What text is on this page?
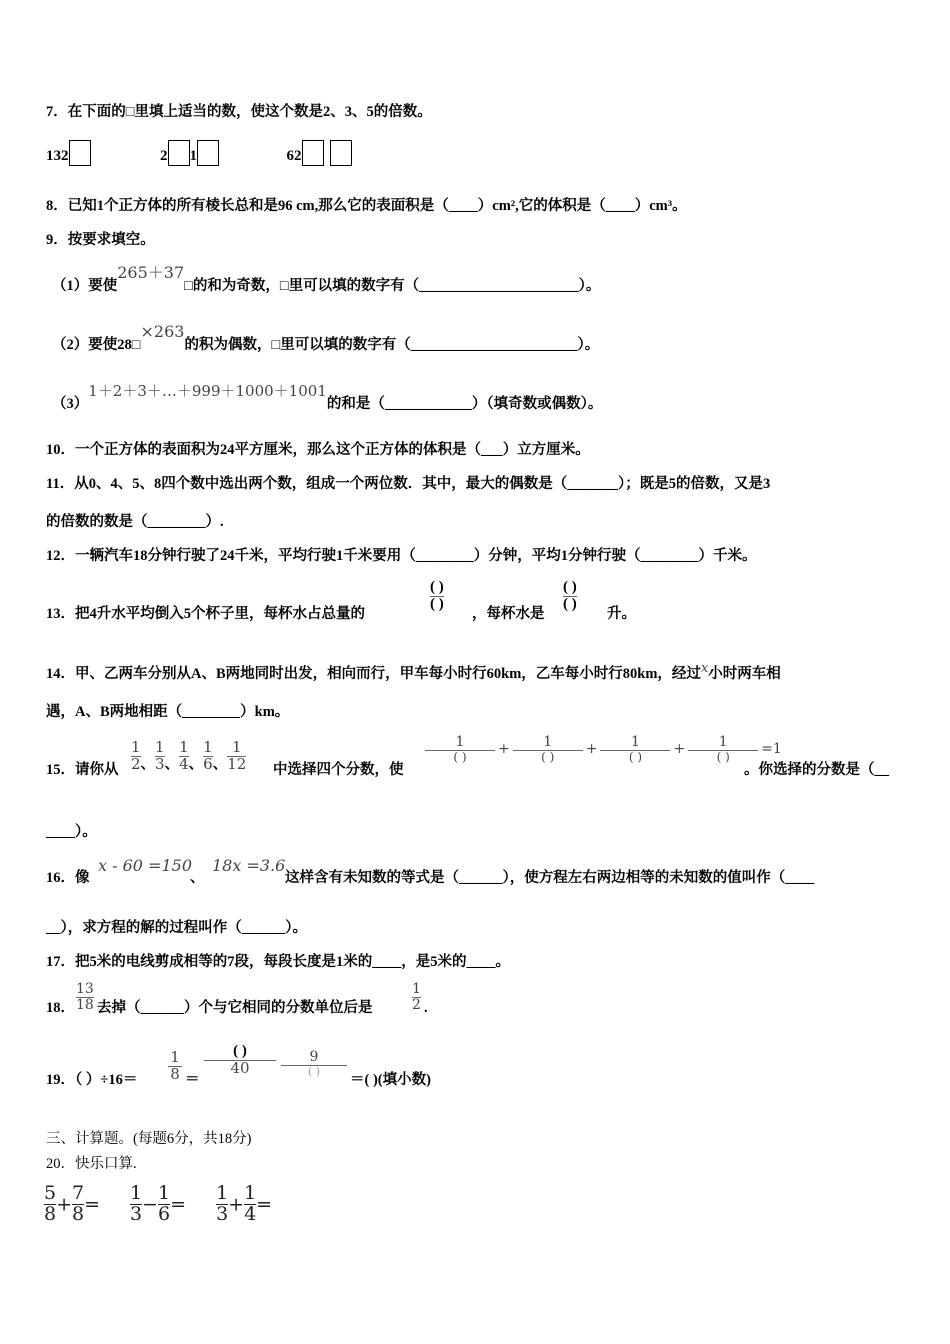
7．在下面的□里填上适当的数，使这个数是2、3、5的倍数。
132	2 1	62
8．已知1个正方体的所有棱长总和是96 cm,那么它的表面积是（____）cm²,它的体积是（____）cm³。
9．按要求填空。
（1）要使265＋37□的和为奇数，□里可以填的数字有（______________________）。
（2）要使28□×263的积为偶数，□里可以填的数字有（_______________________）。
（3）1＋2＋3＋…＋999＋1000＋1001的和是（____________）（填奇数或偶数）。
10．一个正方体的表面积为24平方厘米，那么这个正方体的体积是（___）立方厘米。
11．从0、4、5、8四个数中选出两个数，组成一个两位数．其中，最大的偶数是（_______）；既是5的倍数，又是3
的倍数的数是（________）.
12．一辆汽车18分钟行驶了24千米，平均行驶1千米要用（________）分钟，平均1分钟行驶（________）千米。
13．把4升水平均倒入5个杯子里，每杯水占总量的
$\frac{( )}{( )}$
，每杯水是
$\frac{( )}{( )}$
升。
14．甲、乙两车分别从A、B两地同时出发，相向而行，甲车每小时行60km，乙车每小时行80km，经过x小时两车相
遇，A、B两地相距（________）km。
15．请你从 $\frac{1}{2}$ 、 $\frac{1}{3}$ 、 $\frac{1}{4}$ 、 $\frac{1}{6}$ 、 $\frac{1}{12}$ 中选择四个分数，使
$\frac{1}{( )} + \frac{1}{( )} + \frac{1}{( )} + \frac{1}{( )} =1$
。你选择的分数是（__
____）。
16．像
x - 60 =150
、
18x =3.6
这样含有未知数的等式是（______），使方程左右两边相等的未知数的值叫作（____
__），求方程的解的过程叫作（______）。
17．把5米的电线剪成相等的7段，每段长度是1米的____，是5米的____。
18． $\frac{13}{18}$ 去掉（______）个与它相同的分数单位后是	$\frac{1}{2}$ .
19．（ ）$\div 16= \frac{1}{8}$ ＝
$\frac{( )}{40} \frac{9}{( )}$
＝( )(填小数)
三、计算题。(每题6分，共18分)
20．快乐口算.
$\frac{5}{8} + \frac{7}{8} = \frac{1}{3} - \frac{1}{6} = \frac{1}{3} + \frac{1}{4}$ =
